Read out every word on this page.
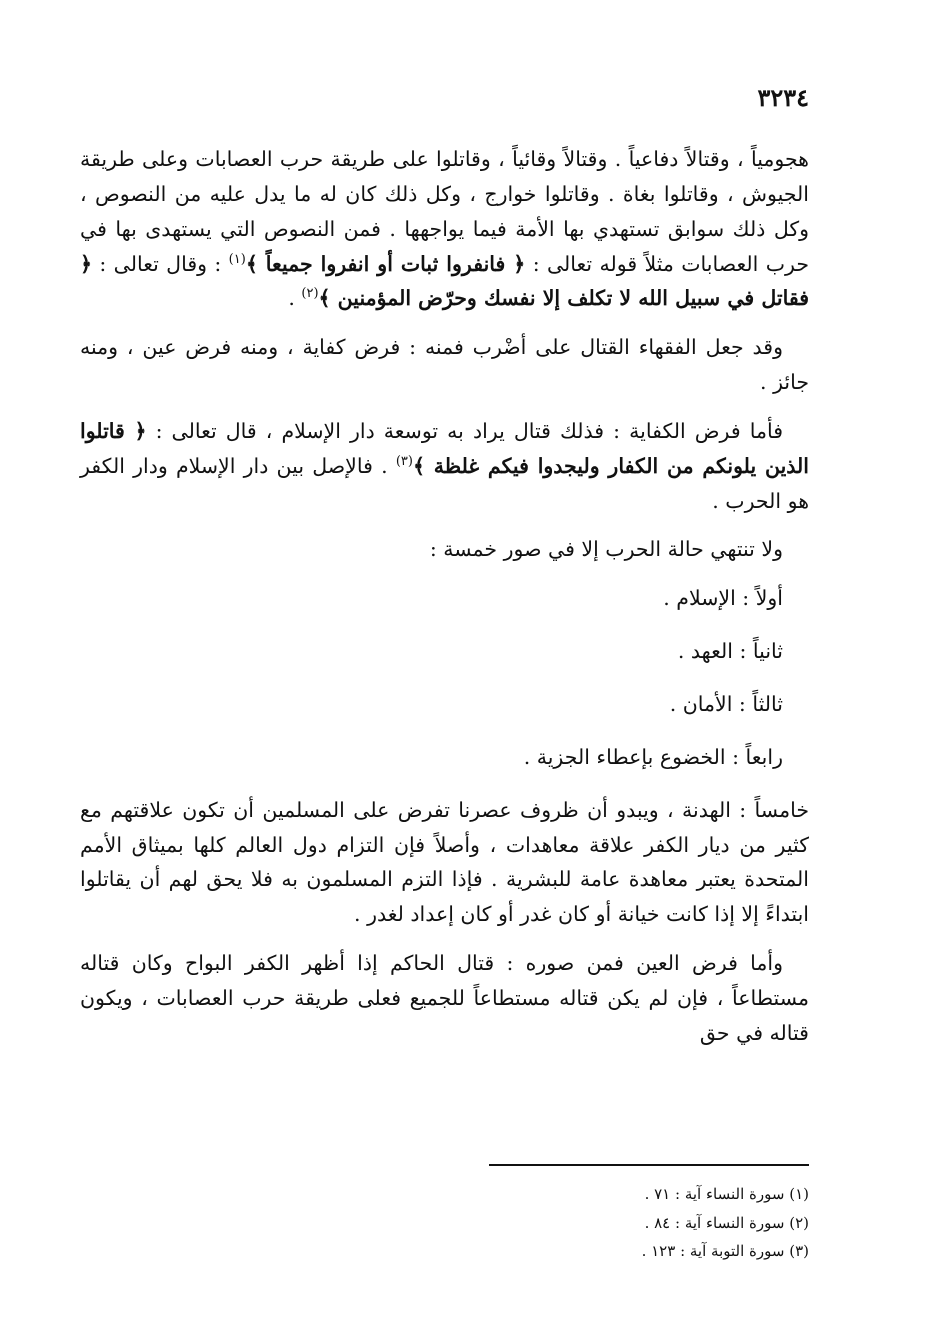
٣٢٣٤

هجومياً ، وقتالاً دفاعياً . وقتالاً وقائياً ، وقاتلوا على طريقة حرب العصابات وعلى طريقة الجيوش ، وقاتلوا بغاة . وقاتلوا خوارج ، وكل ذلك كان له ما يدل عليه من النصوص ، وكل ذلك سوابق تستهدي بها الأمة فيما يواجهها . فمن النصوص التي يستهدى بها في حرب العصابات مثلاً قوله تعالى : ﴿ فانفروا ثبات أو انفروا جميعاً ﴾$^{(١)}$ : وقال تعالى : ﴿ فقاتل في سبيل الله لا تكلف إلا نفسك وحرّض المؤمنين ﴾$^{(٢)}$ .

وقد جعل الفقهاء القتال على أضْرب فمنه : فرض كفاية ، ومنه فرض عين ، ومنه جائز .

فأما فرض الكفاية : فذلك قتال يراد به توسعة دار الإسلام ، قال تعالى : ﴿ قاتلوا الذين يلونكم من الكفار وليجدوا فيكم غلظة ﴾$^{(٣)}$ . فالإصل بين دار الإسلام ودار الكفر هو الحرب .

ولا تنتهي حالة الحرب إلا في صور خمسة :

أولاً : الإسلام .

ثانياً : العهد .

ثالثاً : الأمان .

رابعاً : الخضوع بإعطاء الجزية .

خامساً : الهدنة ، ويبدو أن ظروف عصرنا تفرض على المسلمين أن تكون علاقتهم مع كثير من ديار الكفر علاقة معاهدات ، وأصلاً فإن التزام دول العالم كلها بميثاق الأمم المتحدة يعتبر معاهدة عامة للبشرية . فإذا التزم المسلمون به فلا يحق لهم أن يقاتلوا ابتداءً إلا إذا كانت خيانة أو كان غدر أو كان إعداد لغدر .

وأما فرض العين فمن صوره : قتال الحاكم إذا أظهر الكفر البواح وكان قتاله مستطاعاً ، فإن لم يكن قتاله مستطاعاً للجميع فعلى طريقة حرب العصابات ، ويكون قتاله في حق

(١) سورة النساء آية : ٧١ .

(٢) سورة النساء آية : ٨٤ .

(٣) سورة التوبة آية : ١٢٣ .
